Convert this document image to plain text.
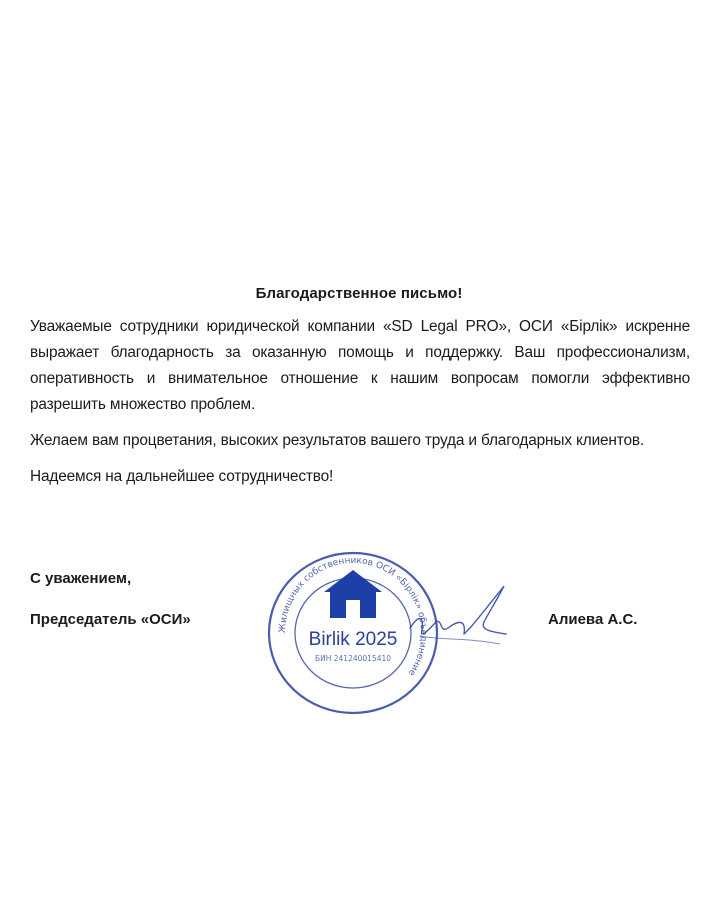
Благодарственное письмо!

Уважаемые сотрудники юридической компании «SD Legal PRO», ОСИ «Бірлік» искренне выражает благодарность за оказанную помощь и поддержку. Ваш профессионализм, оперативность и внимательное отношение к нашим вопросам помогли эффективно разрешить множество проблем.

Желаем вам процветания, высоких результатов вашего труда и благодарных клиентов.

Надеемся на дальнейшее сотрудничество!

С уважением,
Председатель «ОСИ»	Алиева А.С.
Жилищных собственников ОСИ «Бірлік» объединение
Birlik 2025
БИН 241240015410
